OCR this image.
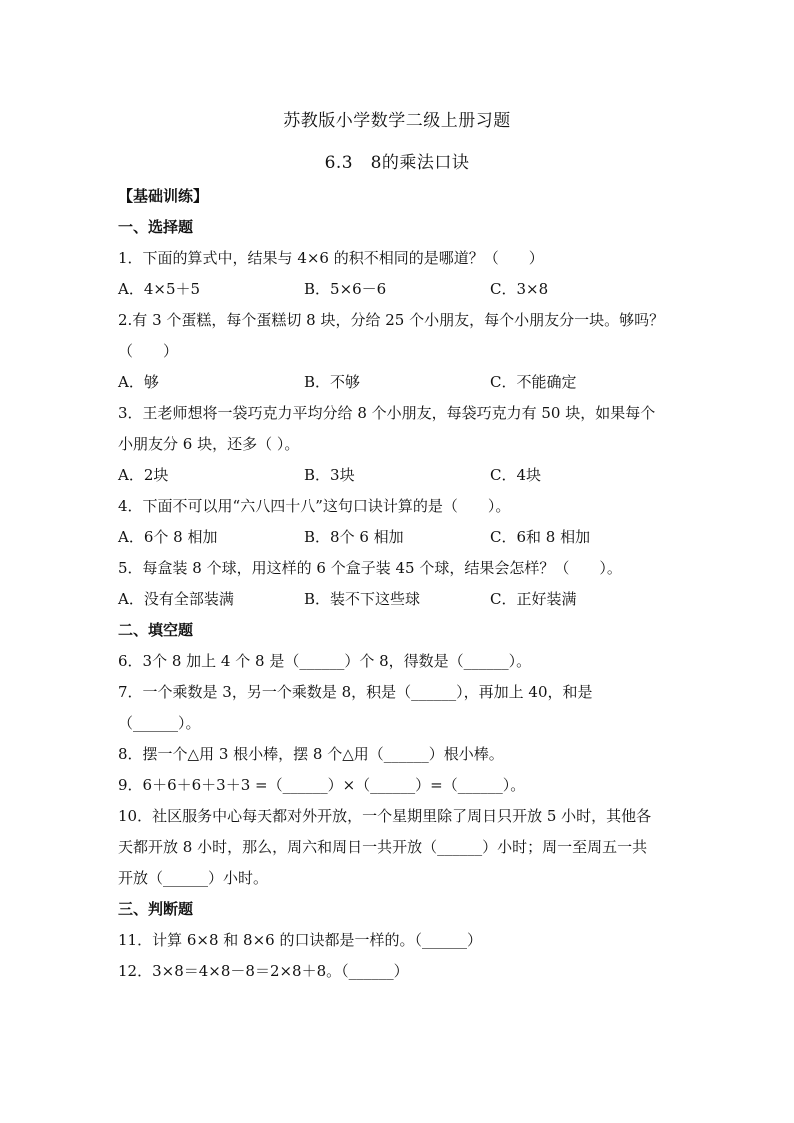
苏教版小学数学二级上册习题
6.3　8的乘法口诀
【基础训练】
一、选择题
1．下面的算式中，结果与 4×6 的积不相同的是哪道？（　　）
A．4×5＋5	B．5×6－6	C．3×8
2.有 3 个蛋糕，每个蛋糕切 8 块，分给 25 个小朋友，每个小朋友分一块。够吗？
（　　）
A．够	B．不够	C．不能确定
3．王老师想将一袋巧克力平均分给 8 个小朋友，每袋巧克力有 50 块，如果每个
小朋友分 6 块，还多（ ）。
A．2块	B．3块	C．4块
4．下面不可以用“六八四十八”这句口诀计算的是（　　）。
A．6个 8 相加	B．8个 6 相加	C．6和 8 相加
5．每盒装 8 个球，用这样的 6 个盒子装 45 个球，结果会怎样？（　　）。
A．没有全部装满	B．装不下这些球	C．正好装满
二、填空题
6．3个 8 加上 4 个 8 是（______）个 8，得数是（______）。
7．一个乘数是 3，另一个乘数是 8，积是（______），再加上 40，和是
（______）。
8．摆一个△用 3 根小棒，摆 8 个△用（______）根小棒。
9．6＋6＋6＋3＋3 =（______）×（______）=（______）。
10．社区服务中心每天都对外开放，一个星期里除了周日只开放 5 小时，其他各
天都开放 8 小时，那么，周六和周日一共开放（______）小时；周一至周五一共
开放（______）小时。
三、判断题
11．计算 6×8 和 8×6 的口诀都是一样的。（______）
12．3×8＝4×8－8＝2×8＋8。（______）
